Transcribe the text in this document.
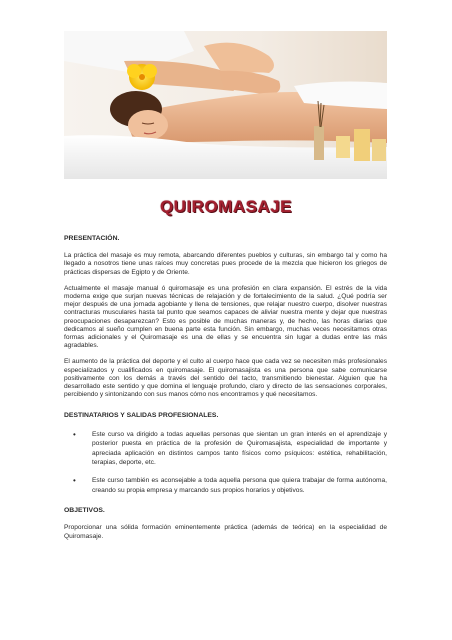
QUIROMASAJE
PRESENTACIÓN.

La práctica del masaje es muy remota, abarcando diferentes pueblos y culturas, sin embargo tal y como ha llegado a nosotros tiene unas raíces muy concretas pues procede de la mezcla que hicieron los griegos de prácticas dispersas de Egipto y de Oriente.

Actualmente el masaje manual ó quiromasaje es una profesión en clara expansión. El estrés de la vida moderna exige que surjan nuevas técnicas de relajación y de fortalecimiento de la salud. ¿Qué podría ser mejor después de una jornada agobiante y llena de tensiones, que relajar nuestro cuerpo, disolver nuestras contracturas musculares hasta tal punto que seamos capaces de aliviar nuestra mente y dejar que nuestras preocupaciones desaparezcan? Esto es posible de muchas maneras y, de hecho, las horas diarias que dedicamos al sueño cumplen en buena parte esta función. Sin embargo, muchas veces necesitamos otras formas adicionales y el Quiromasaje es una de ellas y se encuentra sin lugar a dudas entre las más agradables.

El aumento de la práctica del deporte y el culto al cuerpo hace que cada vez se necesiten más profesionales especializados y cualificados en quiromasaje. El quiromasajista es una persona que sabe comunicarse positivamente con los demás a través del sentido del tacto, transmitiendo bienestar. Alguien que ha desarrollado este sentido y que domina el lenguaje profundo, claro y directo de las sensaciones corporales, percibiendo y sintonizando con sus manos cómo nos encontramos y qué necesitamos.

DESTINATARIOS Y SALIDAS PROFESIONALES.
• Este curso va dirigido a todas aquellas personas que sientan un gran interés en el aprendizaje y posterior puesta en práctica de la profesión de Quiromasajista, especialidad de importante y apreciada aplicación en distintos campos tanto físicos como psíquicos: estética, rehabilitación, terapias, deporte, etc.
• Este curso también es aconsejable a toda aquella persona que quiera trabajar de forma autónoma, creando su propia empresa y marcando sus propios horarios y objetivos.
OBJETIVOS.

Proporcionar una sólida formación eminentemente práctica (además de teórica) en la especialidad de Quiromasaje.
